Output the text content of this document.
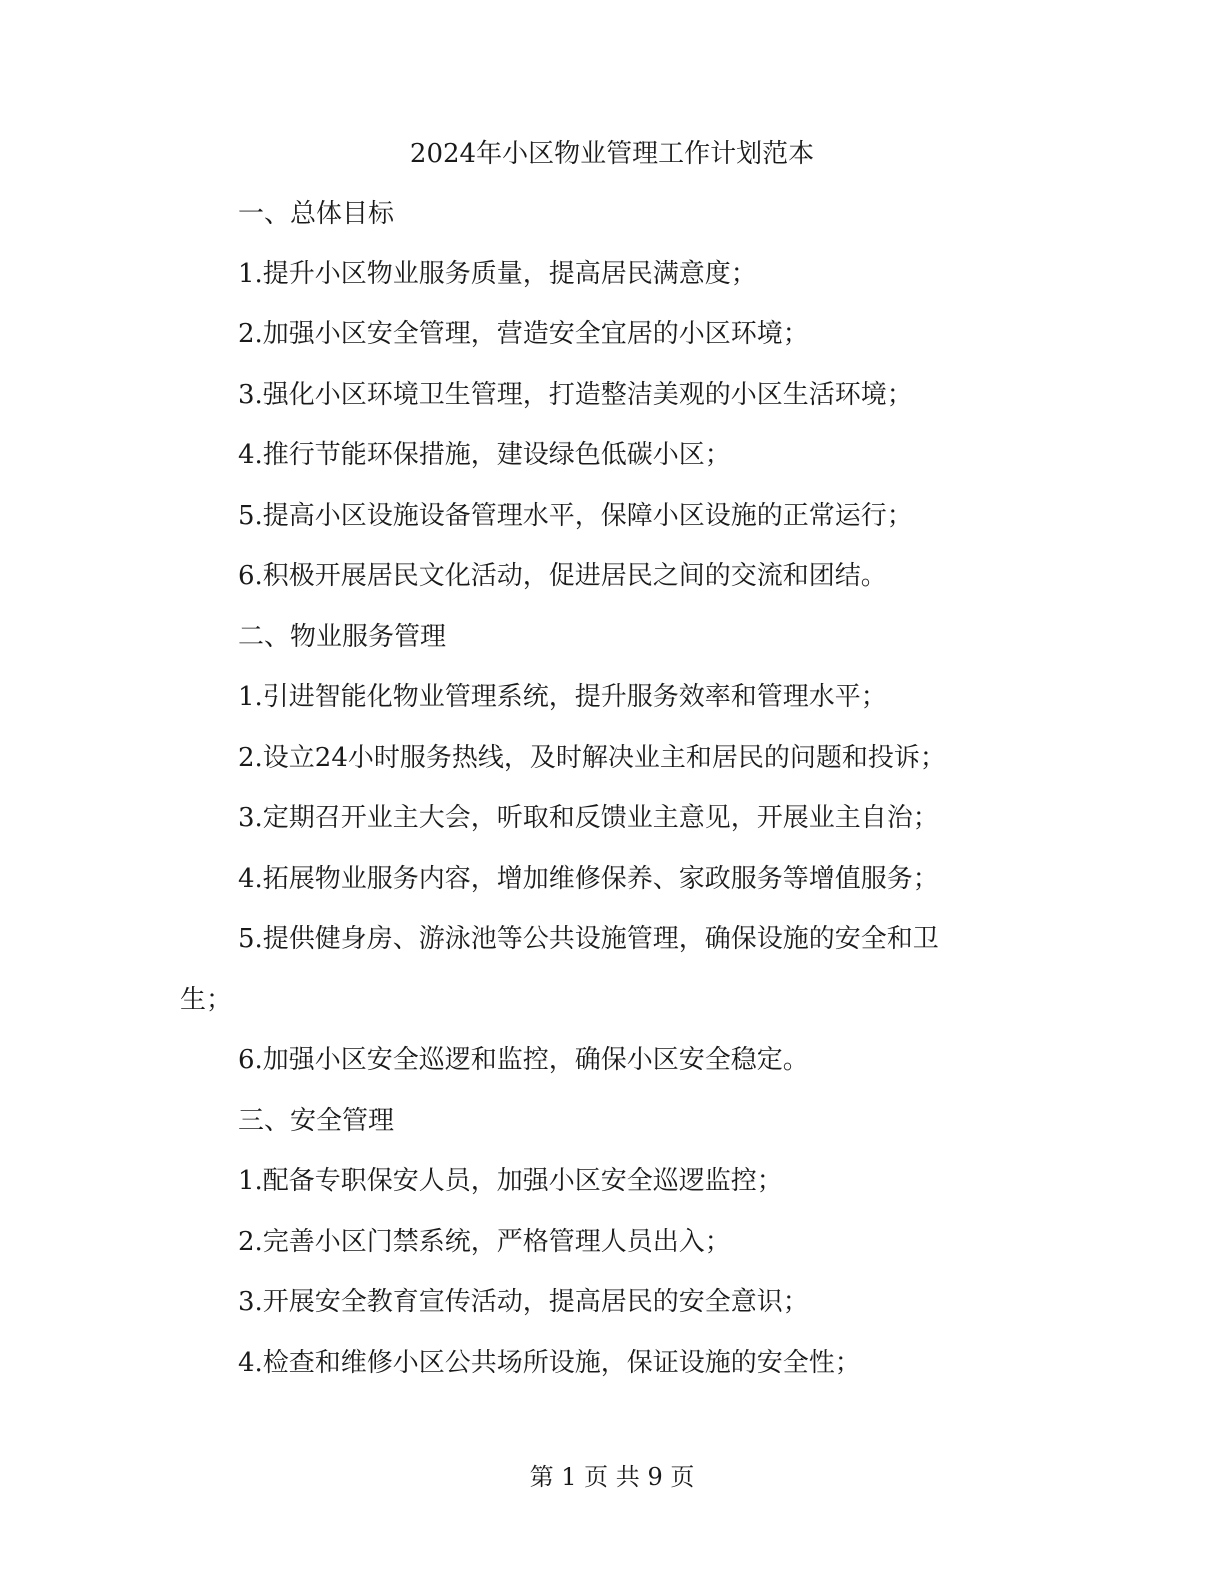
2024年小区物业管理工作计划范本
一、总体目标
1.提升小区物业服务质量，提高居民满意度；
2.加强小区安全管理，营造安全宜居的小区环境；
3.强化小区环境卫生管理，打造整洁美观的小区生活环境；
4.推行节能环保措施，建设绿色低碳小区；
5.提高小区设施设备管理水平，保障小区设施的正常运行；
6.积极开展居民文化活动，促进居民之间的交流和团结。
二、物业服务管理
1.引进智能化物业管理系统，提升服务效率和管理水平；
2.设立24小时服务热线，及时解决业主和居民的问题和投诉；
3.定期召开业主大会，听取和反馈业主意见，开展业主自治；
4.拓展物业服务内容，增加维修保养、家政服务等增值服务；
5.提供健身房、游泳池等公共设施管理，确保设施的安全和卫
生；
6.加强小区安全巡逻和监控，确保小区安全稳定。
三、安全管理
1.配备专职保安人员，加强小区安全巡逻监控；
2.完善小区门禁系统，严格管理人员出入；
3.开展安全教育宣传活动，提高居民的安全意识；
4.检查和维修小区公共场所设施，保证设施的安全性；
第 1 页 共 9 页
